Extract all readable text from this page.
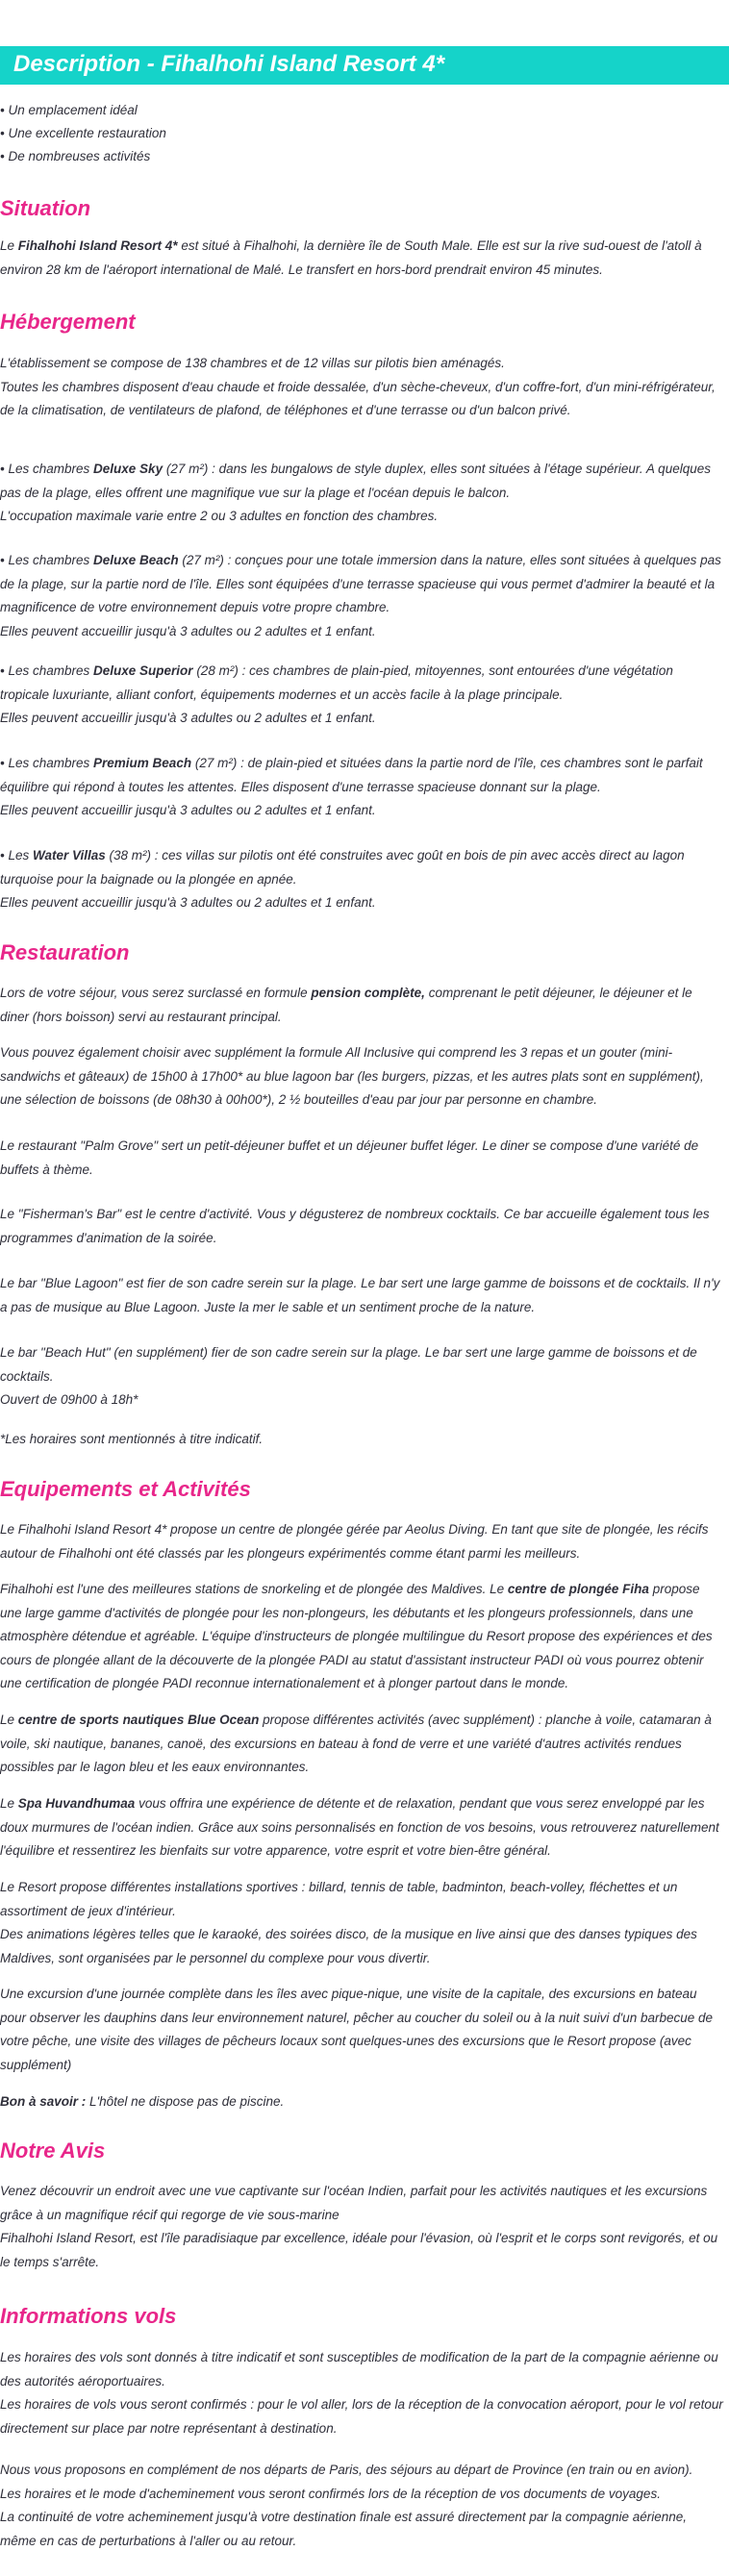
Description - Fihalhohi Island Resort 4*
• Un emplacement idéal
• Une excellente restauration
• De nombreuses activités
Situation
Le Fihalhohi Island Resort 4* est situé à Fihalhohi, la dernière île de South Male. Elle est sur la rive sud-ouest de l'atoll à environ 28 km de l'aéroport international de Malé. Le transfert en hors-bord prendrait environ 45 minutes.
Hébergement
L'établissement se compose de 138 chambres et de 12 villas sur pilotis bien aménagés.
Toutes les chambres disposent d'eau chaude et froide dessalée, d'un sèche-cheveux, d'un coffre-fort, d'un mini-réfrigérateur, de la climatisation, de ventilateurs de plafond, de téléphones et d'une terrasse ou d'un balcon privé.
• Les chambres Deluxe Sky (27 m²) : dans les bungalows de style duplex, elles sont situées à l'étage supérieur. A quelques pas de la plage, elles offrent une magnifique vue sur la plage et l'océan depuis le balcon.
L'occupation maximale varie entre 2 ou 3 adultes en fonction des chambres.
• Les chambres Deluxe Beach (27 m²) : conçues pour une totale immersion dans la nature, elles sont situées à quelques pas de la plage, sur la partie nord de l'île. Elles sont équipées d'une terrasse spacieuse qui vous permet d'admirer la beauté et la magnificence de votre environnement depuis votre propre chambre.
Elles peuvent accueillir jusqu'à 3 adultes ou 2 adultes et 1 enfant.
• Les chambres Deluxe Superior (28 m²) : ces chambres de plain-pied, mitoyennes, sont entourées d'une végétation tropicale luxuriante, alliant confort, équipements modernes et un accès facile à la plage principale.
Elles peuvent accueillir jusqu'à 3 adultes ou 2 adultes et 1 enfant.
• Les chambres Premium Beach (27 m²) : de plain-pied et situées dans la partie nord de l'île, ces chambres sont le parfait équilibre qui répond à toutes les attentes. Elles disposent d'une terrasse spacieuse donnant sur la plage.
Elles peuvent accueillir jusqu'à 3 adultes ou 2 adultes et 1 enfant.
• Les Water Villas (38 m²) : ces villas sur pilotis ont été construites avec goût en bois de pin avec accès direct au lagon turquoise pour la baignade ou la plongée en apnée.
Elles peuvent accueillir jusqu'à 3 adultes ou 2 adultes et 1 enfant.
Restauration
Lors de votre séjour, vous serez surclassé en formule pension complète, comprenant le petit déjeuner, le déjeuner et le diner (hors boisson) servi au restaurant principal.
Vous pouvez également choisir avec supplément la formule All Inclusive qui comprend les 3 repas et un gouter (mini-sandwichs et gâteaux) de 15h00 à 17h00* au blue lagoon bar (les burgers, pizzas, et les autres plats sont en supplément), une sélection de boissons (de 08h30 à 00h00*), 2 ½ bouteilles d'eau par jour par personne en chambre.
Le restaurant "Palm Grove" sert un petit-déjeuner buffet et un déjeuner buffet léger. Le diner se compose d'une variété de buffets à thème.
Le "Fisherman's Bar" est le centre d'activité. Vous y dégusterez de nombreux cocktails. Ce bar accueille également tous les programmes d'animation de la soirée.
Le bar "Blue Lagoon" est fier de son cadre serein sur la plage. Le bar sert une large gamme de boissons et de cocktails. Il n'y a pas de musique au Blue Lagoon. Juste la mer le sable et un sentiment proche de la nature.
Le bar "Beach Hut" (en supplément) fier de son cadre serein sur la plage. Le bar sert une large gamme de boissons et de cocktails.
Ouvert de 09h00 à 18h*
*Les horaires sont mentionnés à titre indicatif.
Equipements et Activités
Le Fihalhohi Island Resort 4* propose un centre de plongée gérée par Aeolus Diving. En tant que site de plongée, les récifs autour de Fihalhohi ont été classés par les plongeurs expérimentés comme étant parmi les meilleurs.
Fihalhohi est l'une des meilleures stations de snorkeling et de plongée des Maldives. Le centre de plongée Fiha propose une large gamme d'activités de plongée pour les non-plongeurs, les débutants et les plongeurs professionnels, dans une atmosphère détendue et agréable. L'équipe d'instructeurs de plongée multilingue du Resort propose des expériences et des cours de plongée allant de la découverte de la plongée PADI au statut d'assistant instructeur PADI où vous pourrez obtenir une certification de plongée PADI reconnue internationalement et à plonger partout dans le monde.
Le centre de sports nautiques Blue Ocean propose différentes activités (avec supplément) : planche à voile, catamaran à voile, ski nautique, bananes, canoë, des excursions en bateau à fond de verre et une variété d'autres activités rendues possibles par le lagon bleu et les eaux environnantes.
Le Spa Huvandhumaa vous offrira une expérience de détente et de relaxation, pendant que vous serez enveloppé par les doux murmures de l'océan indien. Grâce aux soins personnalisés en fonction de vos besoins, vous retrouverez naturellement l'équilibre et ressentirez les bienfaits sur votre apparence, votre esprit et votre bien-être général.
Le Resort propose différentes installations sportives : billard, tennis de table, badminton, beach-volley, fléchettes et un assortiment de jeux d'intérieur.
Des animations légères telles que le karaoké, des soirées disco, de la musique en live ainsi que des danses typiques des Maldives, sont organisées par le personnel du complexe pour vous divertir.
Une excursion d'une journée complète dans les îles avec pique-nique, une visite de la capitale, des excursions en bateau pour observer les dauphins dans leur environnement naturel, pêcher au coucher du soleil ou à la nuit suivi d'un barbecue de votre pêche, une visite des villages de pêcheurs locaux sont quelques-unes des excursions que le Resort propose (avec supplément)
Bon à savoir : L'hôtel ne dispose pas de piscine.
Notre Avis
Venez découvrir un endroit avec une vue captivante sur l'océan Indien, parfait pour les activités nautiques et les excursions grâce à un magnifique récif qui regorge de vie sous-marine
Fihalhohi Island Resort, est l'île paradisiaque par excellence, idéale pour l'évasion, où l'esprit et le corps sont revigorés, et ou le temps s'arrête.
Informations vols
Les horaires des vols sont donnés à titre indicatif et sont susceptibles de modification de la part de la compagnie aérienne ou des autorités aéroportuaires.
Les horaires de vols vous seront confirmés : pour le vol aller, lors de la réception de la convocation aéroport, pour le vol retour directement sur place par notre représentant à destination.
Nous vous proposons en complément de nos départs de Paris, des séjours au départ de Province (en train ou en avion).
Les horaires et le mode d'acheminement vous seront confirmés lors de la réception de vos documents de voyages.
La continuité de votre acheminement jusqu'à votre destination finale est assuré directement par la compagnie aérienne, même en cas de perturbations à l'aller ou au retour.
